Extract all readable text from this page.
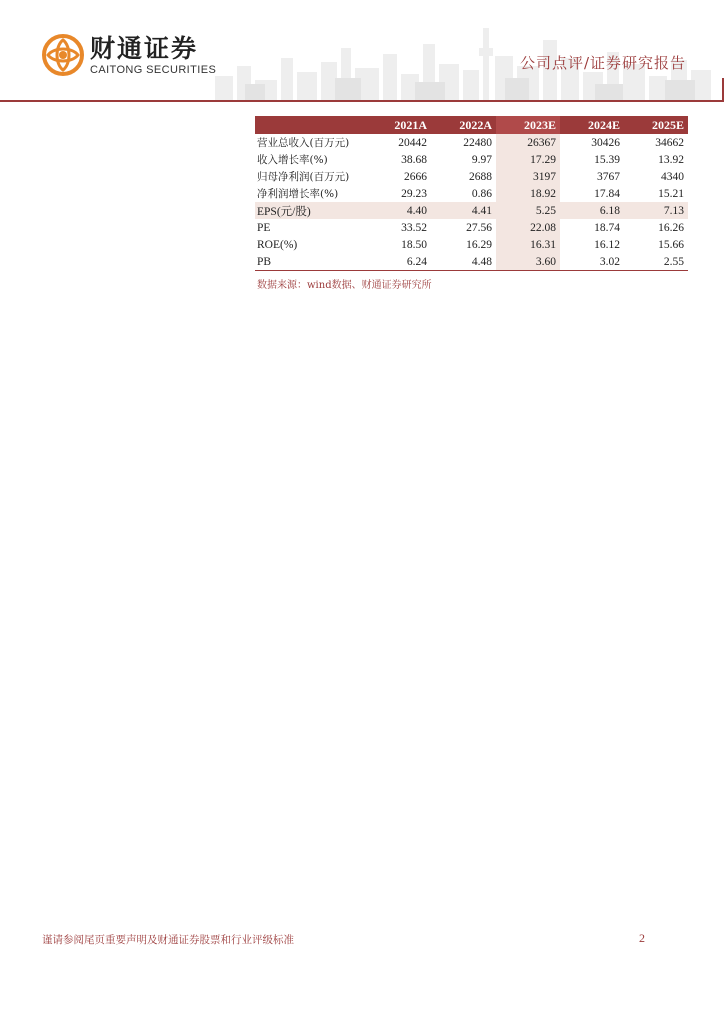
财通证券
CAITONG SECURITIES	公司点评/证券研究报告
	2021A	2022A	2023E	2024E	2025E
营业总收入(百万元)	20442	22480	26367	30426	34662
收入增长率(%)	38.68	9.97	17.29	15.39	13.92
归母净利润(百万元)	2666	2688	3197	3767	4340
净利润增长率(%)	29.23	0.86	18.92	17.84	15.21
EPS(元/股)	4.40	4.41	5.25	6.18	7.13
PE	33.52	27.56	22.08	18.74	16.26
ROE(%)	18.50	16.29	16.31	16.12	15.66
PB	6.24	4.48	3.60	3.02	2.55
数据来源：wind数据、财通证券研究所
谨请参阅尾页重要声明及财通证券股票和行业评级标准	2
